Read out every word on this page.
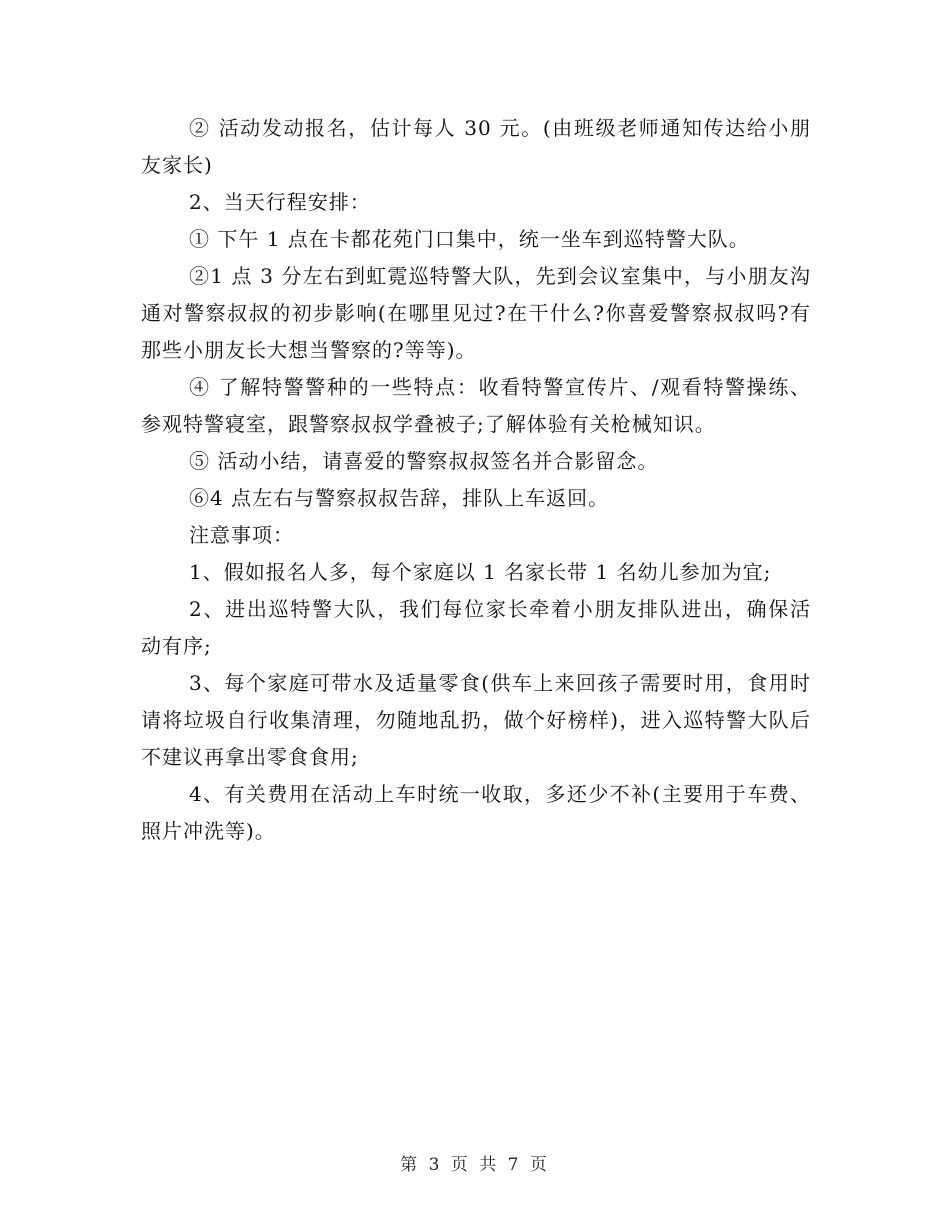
② 活动发动报名，估计每人 30 元。(由班级老师通知传达给小朋友家长)

2、当天行程安排：

① 下午 1 点在卡都花苑门口集中，统一坐车到巡特警大队。

②1 点 3 分左右到虹霓巡特警大队，先到会议室集中，与小朋友沟通对警察叔叔的初步影响(在哪里见过?在干什么?你喜爱警察叔叔吗?有那些小朋友长大想当警察的?等等)。

④ 了解特警警种的一些特点：收看特警宣传片、/观看特警操练、参观特警寝室，跟警察叔叔学叠被子;了解体验有关枪械知识。

⑤ 活动小结，请喜爱的警察叔叔签名并合影留念。

⑥4 点左右与警察叔叔告辞，排队上车返回。

注意事项：

1、假如报名人多，每个家庭以 1 名家长带 1 名幼儿参加为宜;

2、进出巡特警大队，我们每位家长牵着小朋友排队进出，确保活动有序;

3、每个家庭可带水及适量零食(供车上来回孩子需要时用，食用时请将垃圾自行收集清理，勿随地乱扔，做个好榜样)，进入巡特警大队后不建议再拿出零食食用;

4、有关费用在活动上车时统一收取，多还少不补(主要用于车费、照片冲洗等)。

第 3 页 共 7 页
